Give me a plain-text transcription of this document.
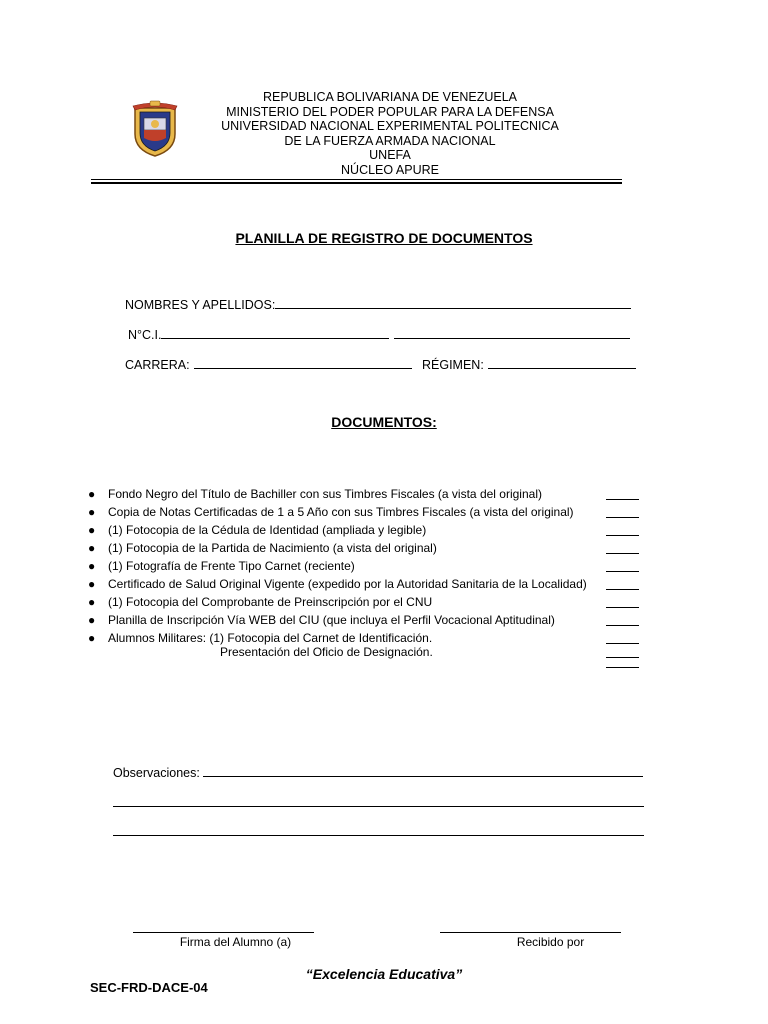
REPUBLICA BOLIVARIANA DE VENEZUELA
MINISTERIO DEL PODER POPULAR PARA LA DEFENSA
UNIVERSIDAD NACIONAL EXPERIMENTAL POLITECNICA
DE LA FUERZA ARMADA NACIONAL
UNEFA
NÚCLEO APURE
PLANILLA DE REGISTRO DE DOCUMENTOS
NOMBRES Y APELLIDOS:
N°C.I.
CARRERA:	RÉGIMEN:
DOCUMENTOS:
●	Fondo Negro del Título de Bachiller con sus Timbres Fiscales (a vista del original)
●	Copia de Notas Certificadas de 1 a 5 Año con sus Timbres Fiscales (a vista del original)
●	(1) Fotocopia de la Cédula de Identidad (ampliada y legible)
●	(1) Fotocopia de la Partida de Nacimiento (a vista del original)
●	(1) Fotografía de Frente Tipo Carnet (reciente)
●	Certificado de Salud Original Vigente (expedido por la Autoridad Sanitaria de la Localidad)
●	(1) Fotocopia del Comprobante de Preinscripción por el CNU
●	Planilla de Inscripción Vía WEB del CIU (que incluya el Perfil Vocacional Aptitudinal)
●	Alumnos Militares: (1) Fotocopia del Carnet de Identificación.
Presentación del Oficio de Designación.
Observaciones:
Firma del Alumno (a)	Recibido por
“Excelencia Educativa”
SEC-FRD-DACE-04
